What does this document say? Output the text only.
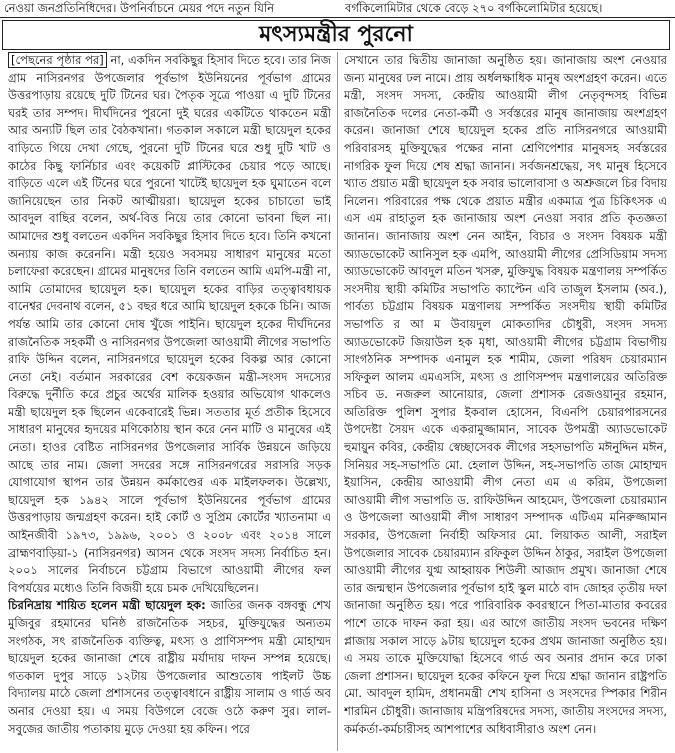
নেওয়া জনপ্রতিনিধিদের। উপনির্বাচনে মেয়র পদে নতুন যিনি	বর্গকিলোমিটার থেকে বেড়ে ২৭০ বর্গকিলোমিটার হয়েছে।
মৎস্যমন্ত্রীর পুরনো

[পেছনের পৃষ্ঠার পর] না, একদিন সবকিছুর হিসাব দিতে হবে। তার নিজ গ্রাম নাসিরনগর উপজেলার পূর্বভাগ ইউনিয়নের পূর্বভাগ গ্রামের উত্তরপাড়ায় রয়েছে দুটি টিনের ঘর। পৈতৃক সূত্রে পাওয়া এ দুটি টিনের ঘরই তার সম্পদ। দীর্ঘদিনের পুরনো দুই ঘরের একটিতে থাকতেন মন্ত্রী আর অন্যটি ছিল তার বৈঠকখানা। গতকাল সকালে মন্ত্রী ছায়েদুল হকের বাড়িতে গিয়ে দেখা গেছে, পুরনো দুটি টিনের ঘরে শুধু দুটি খাট ও কাঠের কিছু ফার্নিচার এবং কয়েকটি প্লাস্টিকের চেয়ার পড়ে আছে। বাড়িতে এলে এই টিনের ঘরে পুরনো খাটেই ছায়েদুল হক ঘুমাতেন বলে জানিয়েছেন তার নিকট আত্মীয়রা। ছায়েদুল হকের চাচাতো ভাই আবদুল বাছির বলেন, অর্থ-বিত্ত নিয়ে তার কোনো ভাবনা ছিল না। আমাদের শুধু বলতেন একদিন সবকিছুর হিসাব দিতে হবে। তিনি কখনো অন্যায় কাজ করেননি। মন্ত্রী হয়েও সবসময় সাধারণ মানুষের মতো চলাফেরা করেছেন। গ্রামের মানুষদের তিনি বলতেন আমি এমপি-মন্ত্রী না, আমি তোমাদের ছায়েদুল হক। ছায়েদুল হকের বাড়ির তত্ত্বাবধায়ক বানেশ্বর দেবনাথ বলেন, ৫১ বছর ধরে আমি ছায়েদুল হককে চিনি। আজ পর্যন্ত আমি তার কোনো দোষ খুঁজে পাইনি। ছায়েদুল হকের দীর্ঘদিনের রাজনৈতিক সহকর্মী ও নাসিরনগর উপজেলা আওয়ামী লীগের সভাপতি রাফি উদ্দিন বলেন, নাসিরনগরে ছায়েদুল হকের বিকল্প আর কোনো নেতা নেই। বর্তমান সরকারের বেশ কয়েকজন মন্ত্রী-সংসদ সদস্যের বিরুদ্ধে দুর্নীতি করে প্রচুর অর্থের মালিক হওয়ার অভিযোগ থাকলেও মন্ত্রী ছায়েদুল হক ছিলেন একেবারেই ভিন্ন। সততার মূর্ত প্রতীক হিসেবে সাধারণ মানুষের হৃদয়ের মণিকোঠায় স্থান করে নেন মাটি ও মানুষের এই নেতা। হাওর বেষ্টিত নাসিরনগর উপজেলার সার্বিক উন্নয়নে জড়িয়ে আছে তার নাম। জেলা সদরের সঙ্গে নাসিরনগরের সরাসরি সড়ক যোগাযোগ স্থাপন তার উন্নয়ন কর্মকাণ্ডের এক মাইলফলক। উল্লেখ্য, ছায়েদুল হক ১৯৪২ সালে পূর্বভাগ ইউনিয়নের পূর্বভাগ গ্রামের উত্তরপাড়ায় জন্মগ্রহণ করেন। হাই কোর্ট ও সুপ্রিম কোর্টের খ্যাতনামা এ আইনজীবী ১৯৭৩, ১৯৯৬, ২০০১ ও ২০০৮ এবং ২০১৪ সালে ব্রাহ্মণবাড়িয়া-১ (নাসিরনগর) আসন থেকে সংসদ সদস্য নির্বাচিত হন। ২০০১ সালের নির্বাচনে চট্টগ্রাম বিভাগে আওয়ামী লীগের ফল বিপর্যয়ের মধ্যেও তিনি বিজয়ী হয়ে চমক দেখিয়েছিলেন।

চিরনিদ্রায় শায়িত হলেন মন্ত্রী ছায়েদুল হক: জাতির জনক বঙ্গবন্ধু শেখ মুজিবুর রহমানের ঘনিষ্ঠ রাজনৈতিক সহচর, মুক্তিযুদ্ধের অন্যতম সংগঠক, সৎ রাজনৈতিক ব্যক্তিত্ব, মৎস্য ও প্রাণিসম্পদ মন্ত্রী মোহাম্মদ ছায়েদুল হকের জানাজা শেষে রাষ্ট্রীয় মর্যাদায় দাফন সম্পন্ন হয়েছে। গতকাল দুপুর সাড়ে ১২টায় উপজেলার আশুতোষ পাইলট উচ্চ বিদ্যালয় মাঠে জেলা প্রশাসনের তত্ত্বাবধানে রাষ্ট্রীয় সালাম ও গার্ড অব অনার দেওয়া হয়। এ সময় বিউগলে বেজে ওঠে করুণ সুর। লাল-সবুজের জাতীয় পতাকায় মুড়ে দেওয়া হয় কফিন। পরে

সেখানে তার দ্বিতীয় জানাজা অনুষ্ঠিত হয়। জানাজায় অংশ নেওয়ার জন্য মানুষের ঢল নামে। প্রায় অর্ধলক্ষাধিক মানুষ অংশগ্রহণ করেন। এতে মন্ত্রী, সংসদ সদস্য, কেন্দ্রীয় আওয়ামী লীগ নেতৃবৃন্দসহ বিভিন্ন রাজনৈতিক দলের নেতা-কর্মী ও সর্বস্তরের মানুষ জানাজায় অংশগ্রহণ করেন। জানাজা শেষে ছায়েদুল হকের প্রতি নাসিরনগরে আওয়ামী পরিবারসহ মুক্তিযুদ্ধের পক্ষের নানা শ্রেণিপেশার মানুষসহ সর্বস্তরের নাগরিক ফুল দিয়ে শেষ শ্রদ্ধা জানান। সর্বজনশ্রদ্ধেয়, সৎ মানুষ হিসেবে খ্যাত প্রয়াত মন্ত্রী ছায়েদুল হক সবার ভালোবাসা ও অশ্রুজলে চির বিদায় নিলেন। পরিবারের পক্ষ থেকে প্রয়াত মন্ত্রীর একমাত্র পুত্র চিকিৎসক এ এস এম রাহাতুল হক জানাজায় অংশ নেওয়া সবার প্রতি কৃতজ্ঞতা জানান। জানাজায় অংশ নেন আইন, বিচার ও সংসদ বিষয়ক মন্ত্রী অ্যাডভোকেট আনিসুল হক এমপি, আওয়ামী লীগের প্রেসিডিয়াম সদস্য অ্যাডভোকেট আবদুল মতিন খসরু, মুক্তিযুদ্ধ বিষয়ক মন্ত্রণালয় সম্পর্কিত সংসদীয় স্থায়ী কমিটির সভাপতি ক্যাপ্টেন এবি তাজুল ইসলাম (অব.), পার্বত্য চট্টগ্রাম বিষয়ক মন্ত্রণালয় সম্পর্কিত সংসদীয় স্থায়ী কমিটির সভাপতি র আ ম উবায়দুল মোকতাদির চৌধুরী, সংসদ সদস্য অ্যাডভোকেট জিয়াউল হক মৃধা, আওয়ামী লীগের চট্টগ্রাম বিভাগীয় সাংগঠনিক সম্পাদক এনামুল হক শামীম, জেলা পরিষদ চেয়ারম্যান সফিকুল আলম এমএসসি, মৎস্য ও প্রাণিসম্পদ মন্ত্রণালয়ের অতিরিক্ত সচিব ড. নজরুল আনোয়ার, জেলা প্রশাসক রেজওয়ানুর রহমান, অতিরিক্ত পুলিশ সুপার ইকবাল হোসেন, বিএনপি চেয়ারপারসনের উপদেষ্টা সৈয়দ একে একরামুজ্জামান, সাবেক উপমন্ত্রী অ্যাডভোকেট হুমায়ুন কবির, কেন্দ্রীয় স্বেচ্ছাসেবক লীগের সহসভাপতি মঈনুদ্দিন মঈন, সিনিয়র সহ-সভাপতি মো. হেলাল উদ্দিন, সহ-সভাপতি তাজ মোহাম্মদ ইয়াসিন, কেন্দ্রীয় আওয়ামী লীগ নেতা এম এ করিম, উপজেলা আওয়ামী লীগ সভাপতি ড. রাফিউদ্দিন আহমেদ, উপজেলা চেয়ারম্যান ও উপজেলা আওয়ামী লীগ সাধারণ সম্পাদক এটিএম মনিরুজ্জামান সরকার, উপজেলা নির্বাহী অফিসার মো. লিয়াকত আলী, সরাইল উপজেলার সাবেক চেয়ারম্যান রফিকুল উদ্দিন ঠাকুর, সরাইল উপজেলা আওয়ামী লীগের যুগ্ম আহ্বায়ক শিউলী আজাদ প্রমুখ। জানাজা শেষে তার জন্মস্থান উপজেলার পূর্বভাগ হাই স্কুল মাঠে বাদ জোহর তৃতীয় দফা জানাজা অনুষ্ঠিত হয়। পরে পারিবারিক কবরস্থানে পিতা-মাতার কবরের পাশে তাকে দাফন করা হয়। এর আগে জাতীয় সংসদ ভবনের দক্ষিণ প্লাজায় সকাল সাড়ে ৯টায় ছায়েদুল হকের প্রথম জানাজা অনুষ্ঠিত হয়। এ সময় তাকে মুক্তিযোদ্ধা হিসেবে গার্ড অব অনার প্রদান করে ঢাকা জেলা প্রশাসন। ছায়েদুল হকের কফিনে ফুল দিয়ে শ্রদ্ধা জানান রাষ্ট্রপতি মো. আবদুল হামিদ, প্রধানমন্ত্রী শেখ হাসিনা ও সংসদের স্পিকার শিরীন শারমিন চৌধুরী। জানাজায় মন্ত্রিপরিষদের সদস্য, জাতীয় সংসদের সদস্য, কর্মকর্তা-কর্মচারীসহ আশপাশের অধিবাসীরাও অংশ নেন।
